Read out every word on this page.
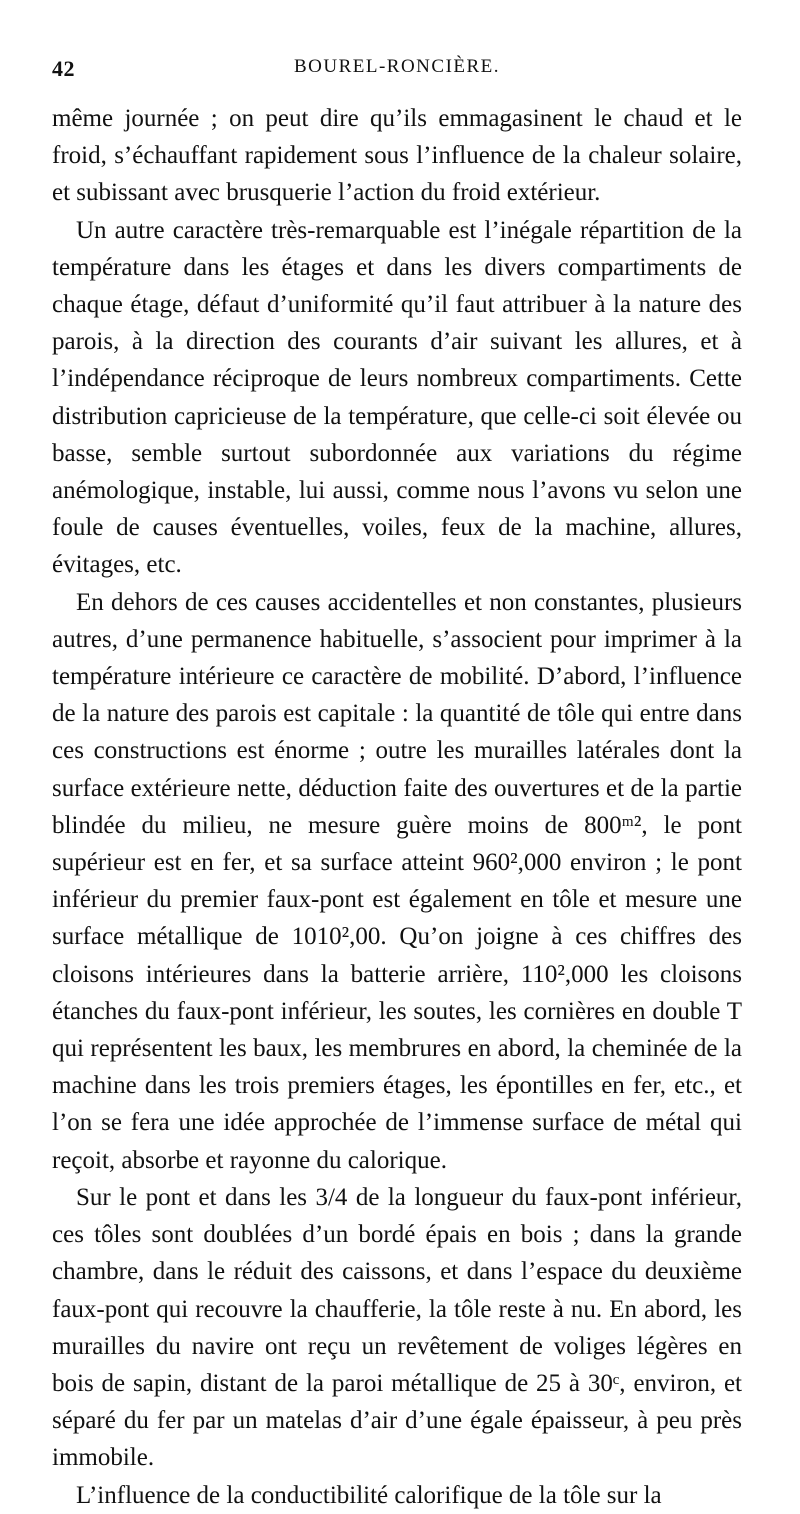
42	BOUREL-RONCIÈRE.

même journée ; on peut dire qu’ils emmagasinent le chaud et le froid, s’échauffant rapidement sous l’influence de la chaleur solaire, et subissant avec brusquerie l’action du froid extérieur.

Un autre caractère très-remarquable est l’inégale répartition de la température dans les étages et dans les divers compartiments de chaque étage, défaut d’uniformité qu’il faut attribuer à la nature des parois, à la direction des courants d’air suivant les allures, et à l’indépendance réciproque de leurs nombreux compartiments. Cette distribution capricieuse de la température, que celle-ci soit élevée ou basse, semble surtout subordonnée aux variations du régime anémologique, instable, lui aussi, comme nous l’avons vu selon une foule de causes éventuelles, voiles, feux de la machine, allures, évitages, etc.

En dehors de ces causes accidentelles et non constantes, plusieurs autres, d’une permanence habituelle, s’associent pour imprimer à la température intérieure ce caractère de mobilité. D’abord, l’influence de la nature des parois est capitale : la quantité de tôle qui entre dans ces constructions est énorme ; outre les murailles latérales dont la surface extérieure nette, déduction faite des ouvertures et de la partie blindée du milieu, ne mesure guère moins de 800ᵐ², le pont supérieur est en fer, et sa surface atteint 960²,000 environ ; le pont inférieur du premier faux-pont est également en tôle et mesure une surface métallique de 1010²,00. Qu’on joigne à ces chiffres des cloisons intérieures dans la batterie arrière, 110²,000 les cloisons étanches du faux-pont inférieur, les soutes, les cornières en double T qui représentent les baux, les membrures en abord, la cheminée de la machine dans les trois premiers étages, les épontilles en fer, etc., et l’on se fera une idée approchée de l’immense surface de métal qui reçoit, absorbe et rayonne du calorique.

Sur le pont et dans les 3/4 de la longueur du faux-pont inférieur, ces tôles sont doublées d’un bordé épais en bois ; dans la grande chambre, dans le réduit des caissons, et dans l’espace du deuxième faux-pont qui recouvre la chaufferie, la tôle reste à nu. En abord, les murailles du navire ont reçu un revêtement de voliges légères en bois de sapin, distant de la paroi métallique de 25 à 30ᶜ, environ, et séparé du fer par un matelas d’air d’une égale épaisseur, à peu près immobile.

L’influence de la conductibilité calorifique de la tôle sur la
